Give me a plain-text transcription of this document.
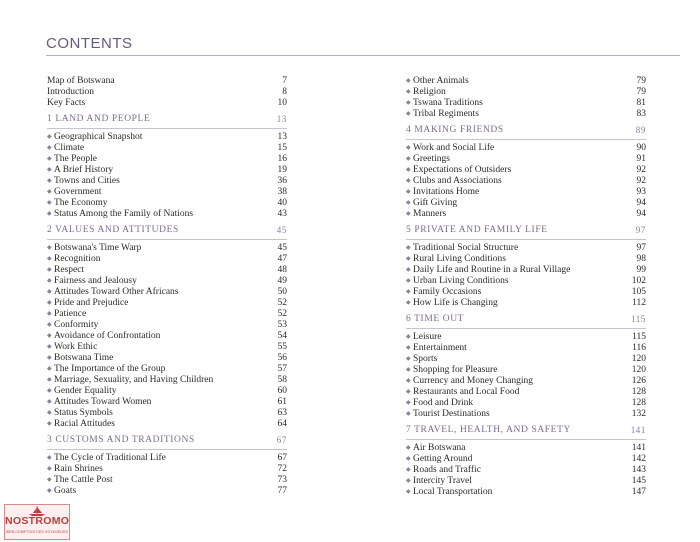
CONTENTS
Map of Botswana	7
Introduction	8
Key Facts	10
1 LAND AND PEOPLE	13
◆ Geographical Snapshot	13
◆ Climate	15
◆ The People	16
◆ A Brief History	19
◆ Towns and Cities	36
◆ Government	38
◆ The Economy	40
◆ Status Among the Family of Nations	43
2 VALUES AND ATTITUDES	45
◆ Botswana's Time Warp	45
◆ Recognition	47
◆ Respect	48
◆ Fairness and Jealousy	49
◆ Attitudes Toward Other Africans	50
◆ Pride and Prejudice	52
◆ Patience	52
◆ Conformity	53
◆ Avoidance of Confrontation	54
◆ Work Ethic	55
◆ Botswana Time	56
◆ The Importance of the Group	57
◆ Marriage, Sexuality, and Having Children	58
◆ Gender Equality	60
◆ Attitudes Toward Women	61
◆ Status Symbols	63
◆ Racial Attitudes	64
3 CUSTOMS AND TRADITIONS	67
◆ The Cycle of Traditional Life	67
◆ Rain Shrines	72
◆ The Cattle Post	73
◆ Goats	77
◆ Other Animals	79
◆ Religion	79
◆ Tswana Traditions	81
◆ Tribal Regiments	83
4 MAKING FRIENDS	89
◆ Work and Social Life	90
◆ Greetings	91
◆ Expectations of Outsiders	92
◆ Clubs and Associations	92
◆ Invitations Home	93
◆ Gift Giving	94
◆ Manners	94
5 PRIVATE AND FAMILY LIFE	97
◆ Traditional Social Structure	97
◆ Rural Living Conditions	98
◆ Daily Life and Routine in a Rural Village	99
◆ Urban Living Conditions	102
◆ Family Occasions	105
◆ How Life is Changing	112
6 TIME OUT	115
◆ Leisure	115
◆ Entertainment	116
◆ Sports	120
◆ Shopping for Pleasure	120
◆ Currency and Money Changing	126
◆ Restaurants and Local Food	128
◆ Food and Drink	128
◆ Tourist Destinations	132
7 TRAVEL, HEALTH, AND SAFETY	141
◆ Air Botswana	141
◆ Getting Around	142
◆ Roads and Traffic	143
◆ Intercity Travel	145
◆ Local Transportation	147
NOSTROMO
WEB COMPTOIR DES VOYAGEURS
